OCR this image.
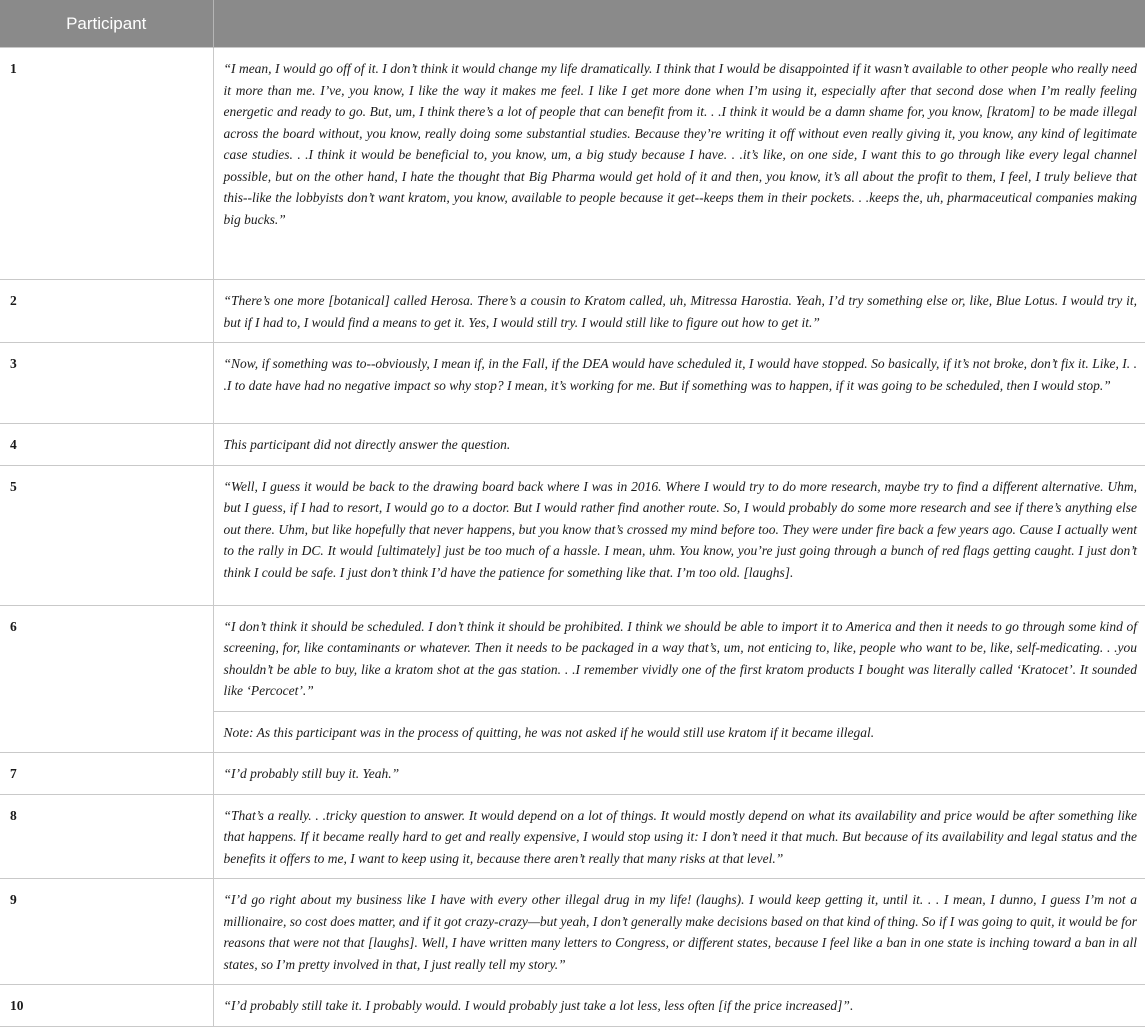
Participant	
1	“I mean, I would go off of it. I don’t think it would change my life dramatically. I think that I would be disappointed if it wasn’t available to other people who really need it more than me. I’ve, you know, I like the way it makes me feel. I like I get more done when I’m using it, especially after that second dose when I’m really feeling energetic and ready to go. But, um, I think there’s a lot of people that can benefit from it. . .I think it would be a damn shame for, you know, [kratom] to be made illegal across the board without, you know, really doing some substantial studies. Because they’re writing it off without even really giving it, you know, any kind of legitimate case studies. . .I think it would be beneficial to, you know, um, a big study because I have. . .it’s like, on one side, I want this to go through like every legal channel possible, but on the other hand, I hate the thought that Big Pharma would get hold of it and then, you know, it’s all about the profit to them, I feel, I truly believe that this--like the lobbyists don’t want kratom, you know, available to people because it get--keeps them in their pockets. . .keeps the, uh, pharmaceutical companies making big bucks.”
2	“There’s one more [botanical] called Herosa. There’s a cousin to Kratom called, uh, Mitressa Harostia. Yeah, I’d try something else or, like, Blue Lotus. I would try it, but if I had to, I would find a means to get it. Yes, I would still try. I would still like to figure out how to get it.”
3	“Now, if something was to--obviously, I mean if, in the Fall, if the DEA would have scheduled it, I would have stopped. So basically, if it’s not broke, don’t fix it. Like, I. . .I to date have had no negative impact so why stop? I mean, it’s working for me. But if something was to happen, if it was going to be scheduled, then I would stop.”
4	This participant did not directly answer the question.
5	“Well, I guess it would be back to the drawing board back where I was in 2016. Where I would try to do more research, maybe try to find a different alternative. Uhm, but I guess, if I had to resort, I would go to a doctor. But I would rather find another route. So, I would probably do some more research and see if there’s anything else out there. Uhm, but like hopefully that never happens, but you know that’s crossed my mind before too. They were under fire back a few years ago. Cause I actually went to the rally in DC. It would [ultimately] just be too much of a hassle. I mean, uhm. You know, you’re just going through a bunch of red flags getting caught. I just don’t think I could be safe. I just don’t think I’d have the patience for something like that. I’m too old. [laughs].
6	“I don’t think it should be scheduled. I don’t think it should be prohibited. I think we should be able to import it to America and then it needs to go through some kind of screening, for, like contaminants or whatever. Then it needs to be packaged in a way that’s, um, not enticing to, like, people who want to be, like, self-medicating. . .you shouldn’t be able to buy, like a kratom shot at the gas station. . .I remember vividly one of the first kratom products I bought was literally called ‘Kratocet’. It sounded like ‘Percocet’.”
	Note: As this participant was in the process of quitting, he was not asked if he would still use kratom if it became illegal.
7	“I’d probably still buy it. Yeah.”
8	“That’s a really. . .tricky question to answer. It would depend on a lot of things. It would mostly depend on what its availability and price would be after something like that happens. If it became really hard to get and really expensive, I would stop using it: I don’t need it that much. But because of its availability and legal status and the benefits it offers to me, I want to keep using it, because there aren’t really that many risks at that level.”
9	“I’d go right about my business like I have with every other illegal drug in my life! (laughs). I would keep getting it, until it. . . I mean, I dunno, I guess I’m not a millionaire, so cost does matter, and if it got crazy-crazy—but yeah, I don’t generally make decisions based on that kind of thing. So if I was going to quit, it would be for reasons that were not that [laughs]. Well, I have written many letters to Congress, or different states, because I feel like a ban in one state is inching toward a ban in all states, so I’m pretty involved in that, I just really tell my story.”
10	“I’d probably still take it. I probably would. I would probably just take a lot less, less often [if the price increased]”.
